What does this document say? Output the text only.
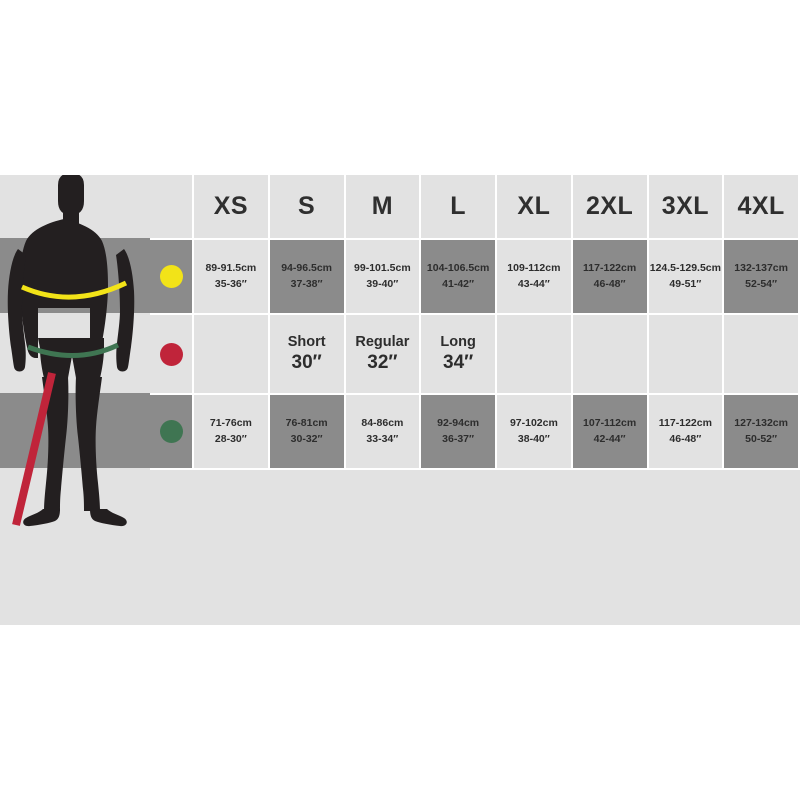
XS S M L XL 2XL 3XL 4XL
89-91.5cm
35-36″
94-96.5cm
37-38″
99-101.5cm
39-40″
104-106.5cm
41-42″
109-112cm
43-44″
117-122cm
46-48″
124.5-129.5cm
49-51″
132-137cm
52-54″
Short
30″
Regular
32″
Long
34″
71-76cm
28-30″
76-81cm
30-32″
84-86cm
33-34″
92-94cm
36-37″
97-102cm
38-40″
107-112cm
42-44″
117-122cm
46-48″
127-132cm
50-52″
